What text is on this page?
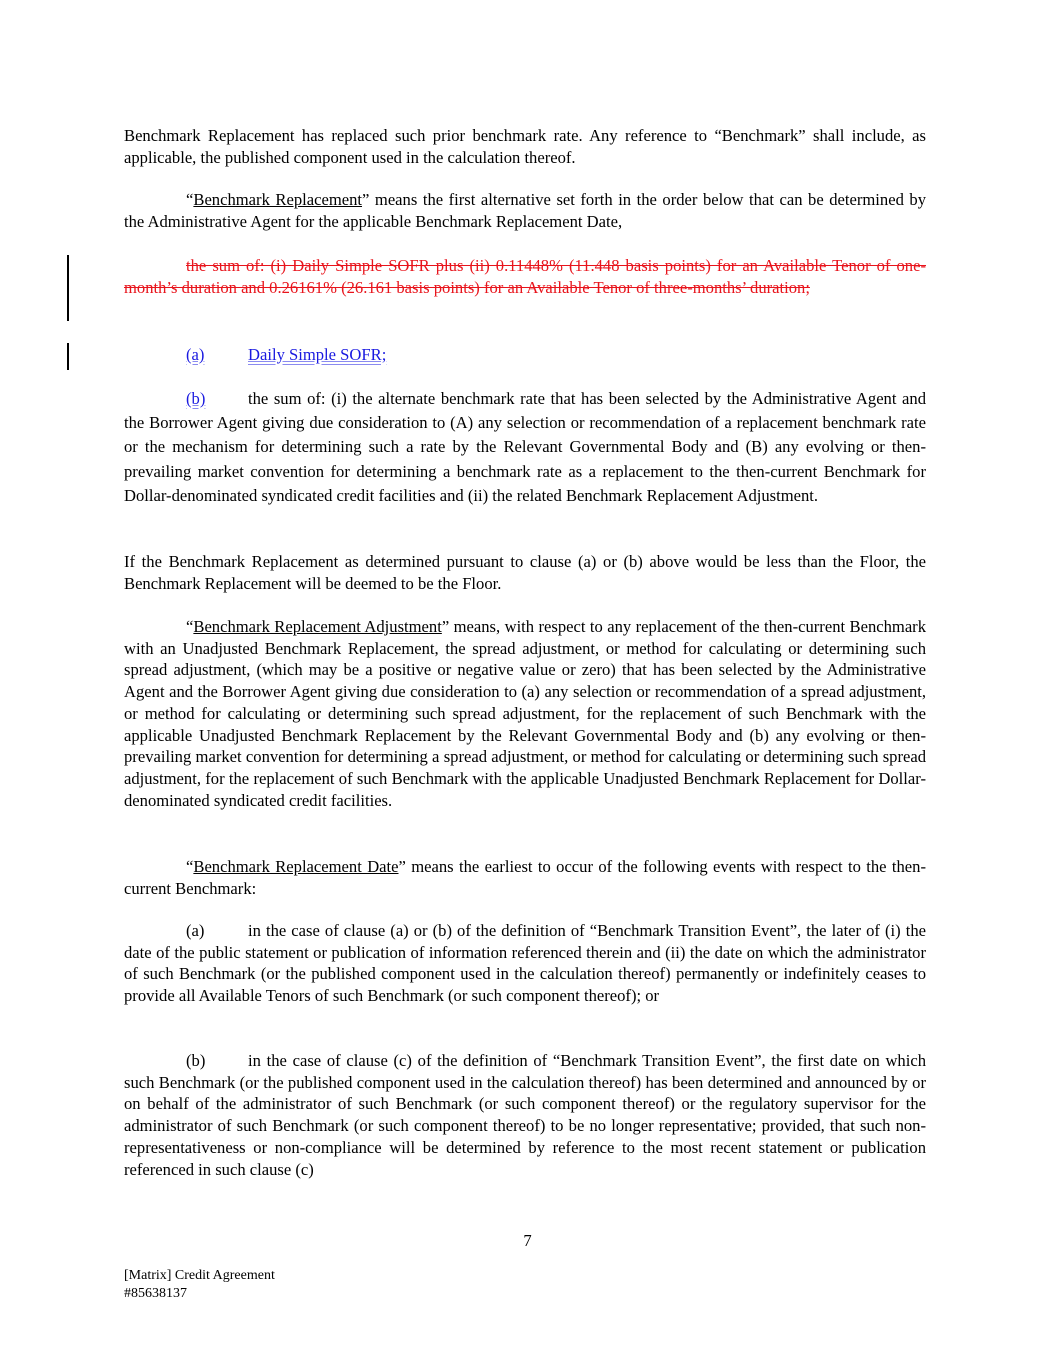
Benchmark Replacement has replaced such prior benchmark rate. Any reference to “Benchmark” shall include, as applicable, the published component used in the calculation thereof.

“Benchmark Replacement” means the first alternative set forth in the order below that can be determined by the Administrative Agent for the applicable Benchmark Replacement Date,

the sum of: (i) Daily Simple SOFR plus (ii) 0.11448% (11.448 basis points) for an Available Tenor of one-month’s duration and 0.26161% (26.161 basis points) for an Available Tenor of three-months’ duration;

(a)	Daily Simple SOFR;

(b)	the sum of: (i) the alternate benchmark rate that has been selected by the Administrative Agent and the Borrower Agent giving due consideration to (A) any selection or recommendation of a replacement benchmark rate or the mechanism for determining such a rate by the Relevant Governmental Body and (B) any evolving or then-prevailing market convention for determining a benchmark rate as a replacement to the then-current Benchmark for Dollar-denominated syndicated credit facilities and (ii) the related Benchmark Replacement Adjustment.

If the Benchmark Replacement as determined pursuant to clause (a) or (b) above would be less than the Floor, the Benchmark Replacement will be deemed to be the Floor.

“Benchmark Replacement Adjustment” means, with respect to any replacement of the then-current Benchmark with an Unadjusted Benchmark Replacement, the spread adjustment, or method for calculating or determining such spread adjustment, (which may be a positive or negative value or zero) that has been selected by the Administrative Agent and the Borrower Agent giving due consideration to (a) any selection or recommendation of a spread adjustment, or method for calculating or determining such spread adjustment, for the replacement of such Benchmark with the applicable Unadjusted Benchmark Replacement by the Relevant Governmental Body and (b) any evolving or then-prevailing market convention for determining a spread adjustment, or method for calculating or determining such spread adjustment, for the replacement of such Benchmark with the applicable Unadjusted Benchmark Replacement for Dollar-denominated syndicated credit facilities.

“Benchmark Replacement Date” means the earliest to occur of the following events with respect to the then-current Benchmark:

(a)	in the case of clause (a) or (b) of the definition of “Benchmark Transition Event”, the later of (i) the date of the public statement or publication of information referenced therein and (ii) the date on which the administrator of such Benchmark (or the published component used in the calculation thereof) permanently or indefinitely ceases to provide all Available Tenors of such Benchmark (or such component thereof); or

(b)	in the case of clause (c) of the definition of “Benchmark Transition Event”, the first date on which such Benchmark (or the published component used in the calculation thereof) has been determined and announced by or on behalf of the administrator of such Benchmark (or such component thereof) or the regulatory supervisor for the administrator of such Benchmark (or such component thereof) to be no longer representative; provided, that such non-representativeness or non-compliance will be determined by reference to the most recent statement or publication referenced in such clause (c)

7
[Matrix] Credit Agreement
#85638137
